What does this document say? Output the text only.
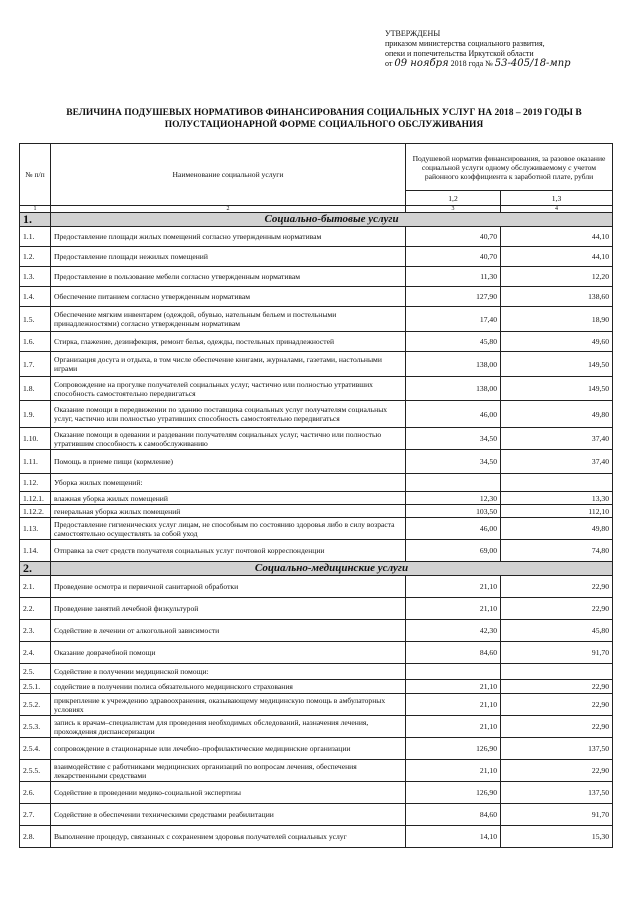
УТВЕРЖДЕНЫ
приказом министерства социального развития,
опеки и попечительства Иркутской области
от 09 ноября 2018 года № 53-405/18-мпр
ВЕЛИЧИНА ПОДУШЕВЫХ НОРМАТИВОВ ФИНАНСИРОВАНИЯ СОЦИАЛЬНЫХ УСЛУГ НА 2018 – 2019 ГОДЫ В ПОЛУСТАЦИОНАРНОЙ ФОРМЕ СОЦИАЛЬНОГО ОБСЛУЖИВАНИЯ
№ п/п	Наименование социальной услуги	Подушевой норматив финансирования, за разовое оказание социальной услуги одному обслуживаемому с учетом районного коэффициента к заработной плате, рубли	
		1,2	1,3
1	2	3	4
1.	Социально-бытовые услуги		
1.1.	Предоставление площади жилых помещений согласно утвержденным нормативам	40,70	44,10
1.2.	Предоставление площади нежилых помещений	40,70	44,10
1.3.	Предоставление в пользование мебели согласно утвержденным нормативам	11,30	12,20
1.4.	Обеспечение питанием согласно утвержденным нормативам	127,90	138,60
1.5.	Обеспечение мягким инвентарем (одеждой, обувью, нательным бельем и постельными принадлежностями) согласно утвержденным нормативам	17,40	18,90
1.6.	Стирка, глажение, дезинфекция, ремонт белья, одежды, постельных принадлежностей	45,80	49,60
1.7.	Организация досуга и отдыха, в том числе обеспечение книгами, журналами, газетами, настольными играми	138,00	149,50
1.8.	Сопровождение на прогулке получателей социальных услуг, частично или полностью утративших способность самостоятельно передвигаться	138,00	149,50
1.9.	Оказание помощи в передвижении по зданию поставщика социальных услуг получателям социальных услуг, частично или полностью утративших способность самостоятельно передвигаться	46,00	49,80
1.10.	Оказание помощи в одевании и раздевании получателям социальных услуг, частично или полностью утратившим способность к самообслуживанию	34,50	37,40
1.11.	Помощь в приеме пищи (кормление)	34,50	37,40
1.12.	Уборка жилых помещений:		
1.12.1.	влажная уборка жилых помещений	12,30	13,30
1.12.2.	генеральная уборка жилых помещений	103,50	112,10
1.13.	Предоставление гигиенических услуг лицам, не способным по состоянию здоровья либо в силу возраста самостоятельно осуществлять за собой уход	46,00	49,80
1.14.	Отправка за счет средств получателя социальных услуг почтовой корреспонденции	69,00	74,80
2.	Социально-медицинские услуги		
2.1.	Проведение осмотра и первичной санитарной обработки	21,10	22,90
2.2.	Проведение занятий лечебной физкультурой	21,10	22,90
2.3.	Содействие в лечении от алкогольной зависимости	42,30	45,80
2.4.	Оказание доврачебной помощи	84,60	91,70
2.5.	Содействие в получении медицинской помощи:		
2.5.1.	содействие в получении полиса обязательного медицинского страхования	21,10	22,90
2.5.2.	прикрепление к учреждению здравоохранения, оказывающему медицинскую помощь в амбулаторных условиях	21,10	22,90
2.5.3.	запись к врачам–специалистам для проведения необходимых обследований, назначения лечения, прохождения диспансеризации	21,10	22,90
2.5.4.	сопровождение в стационарные или лечебно–профилактические медицинские организации	126,90	137,50
2.5.5.	взаимодействие с работниками медицинских организаций по вопросам лечения, обеспечения лекарственными средствами	21,10	22,90
2.6.	Содействие в проведении медико-социальной экспертизы	126,90	137,50
2.7.	Содействие в обеспечении техническими средствами реабилитации	84,60	91,70
2.8.	Выполнение процедур, связанных с сохранением здоровья получателей социальных услуг	14,10	15,30
